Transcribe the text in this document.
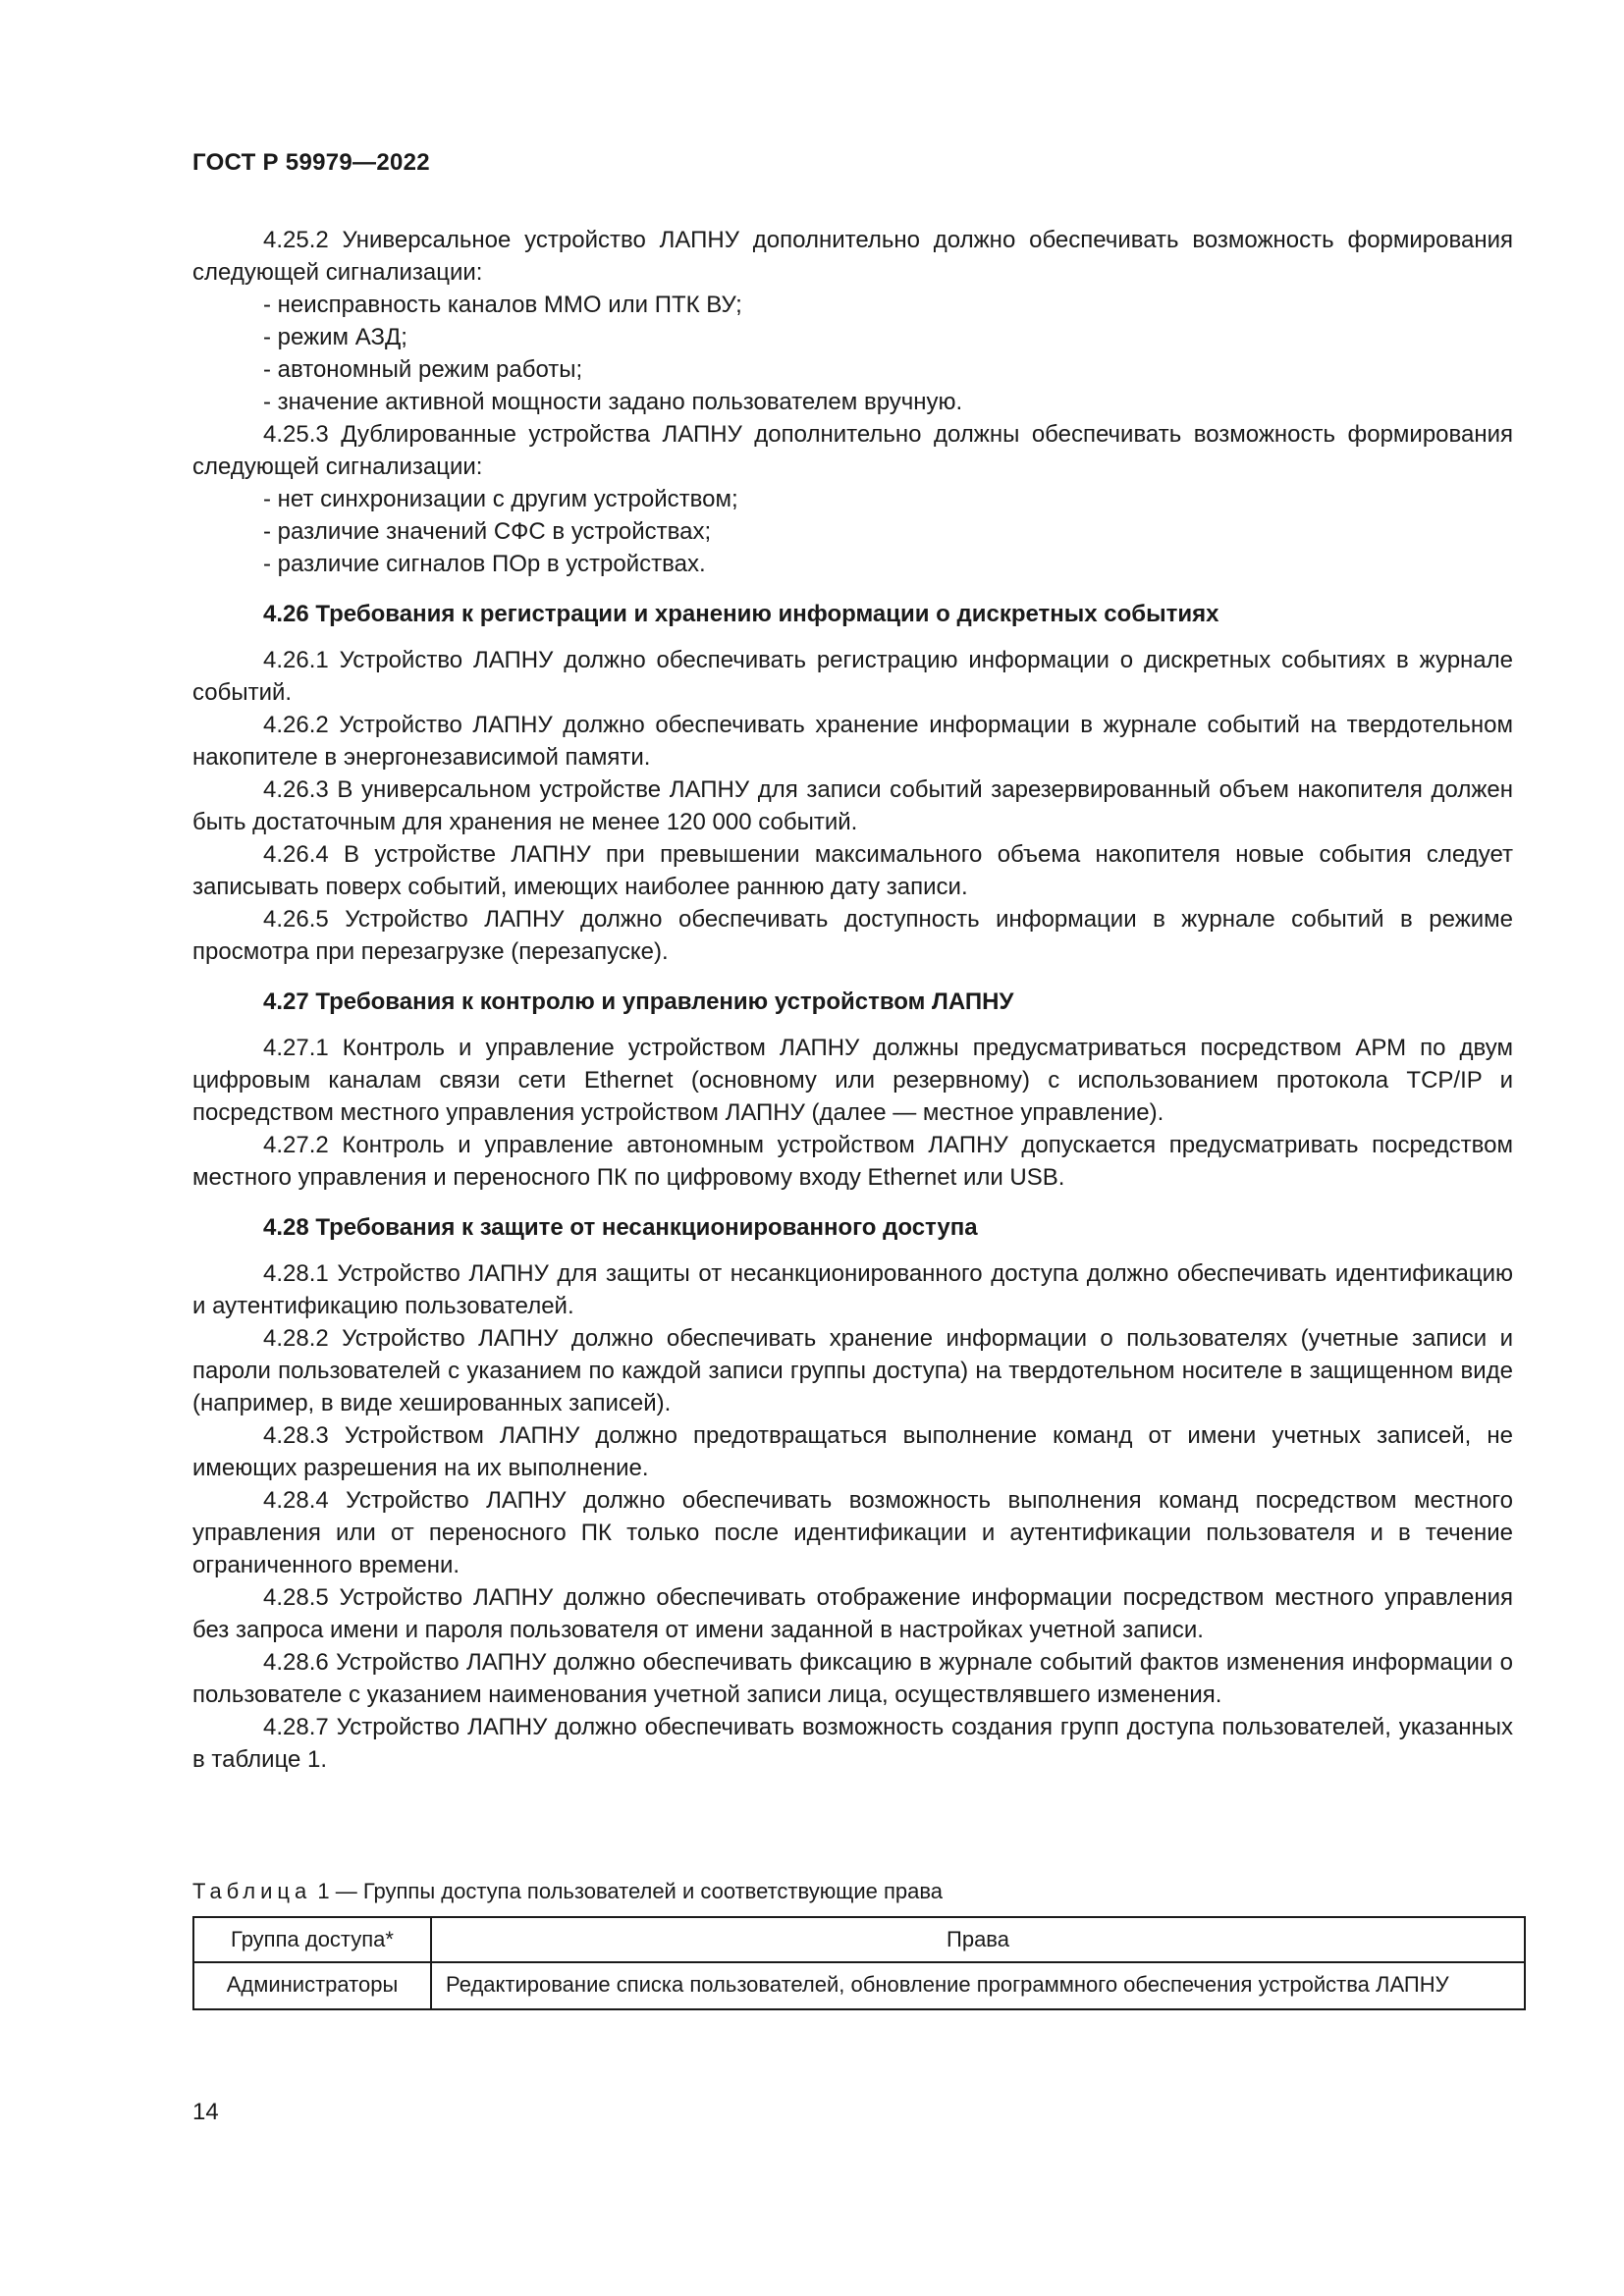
ГОСТ Р 59979—2022

4.25.2 Универсальное устройство ЛАПНУ дополнительно должно обеспечивать возможность формирования следующей сигнализации:

- неисправность каналов ММО или ПТК ВУ;

- режим АЗД;

- автономный режим работы;

- значение активной мощности задано пользователем вручную.

4.25.3 Дублированные устройства ЛАПНУ дополнительно должны обеспечивать возможность формирования следующей сигнализации:

- нет синхронизации с другим устройством;

- различие значений СФС в устройствах;

- различие сигналов ПОр в устройствах.

4.26 Требования к регистрации и хранению информации о дискретных событиях

4.26.1 Устройство ЛАПНУ должно обеспечивать регистрацию информации о дискретных событиях в журнале событий.

4.26.2 Устройство ЛАПНУ должно обеспечивать хранение информации в журнале событий на твердотельном накопителе в энергонезависимой памяти.

4.26.3 В универсальном устройстве ЛАПНУ для записи событий зарезервированный объем накопителя должен быть достаточным для хранения не менее 120 000 событий.

4.26.4 В устройстве ЛАПНУ при превышении максимального объема накопителя новые события следует записывать поверх событий, имеющих наиболее раннюю дату записи.

4.26.5 Устройство ЛАПНУ должно обеспечивать доступность информации в журнале событий в режиме просмотра при перезагрузке (перезапуске).

4.27 Требования к контролю и управлению устройством ЛАПНУ

4.27.1 Контроль и управление устройством ЛАПНУ должны предусматриваться посредством АРМ по двум цифровым каналам связи сети Ethernet (основному или резервному) с использованием протокола TCP/IP и посредством местного управления устройством ЛАПНУ (далее — местное управление).

4.27.2 Контроль и управление автономным устройством ЛАПНУ допускается предусматривать посредством местного управления и переносного ПК по цифровому входу Ethernet или USB.

4.28 Требования к защите от несанкционированного доступа

4.28.1 Устройство ЛАПНУ для защиты от несанкционированного доступа должно обеспечивать идентификацию и аутентификацию пользователей.

4.28.2 Устройство ЛАПНУ должно обеспечивать хранение информации о пользователях (учетные записи и пароли пользователей с указанием по каждой записи группы доступа) на твердотельном носителе в защищенном виде (например, в виде хешированных записей).

4.28.3 Устройством ЛАПНУ должно предотвращаться выполнение команд от имени учетных записей, не имеющих разрешения на их выполнение.

4.28.4 Устройство ЛАПНУ должно обеспечивать возможность выполнения команд посредством местного управления или от переносного ПК только после идентификации и аутентификации пользователя и в течение ограниченного времени.

4.28.5 Устройство ЛАПНУ должно обеспечивать отображение информации посредством местного управления без запроса имени и пароля пользователя от имени заданной в настройках учетной записи.

4.28.6 Устройство ЛАПНУ должно обеспечивать фиксацию в журнале событий фактов изменения информации о пользователе с указанием наименования учетной записи лица, осуществлявшего изменения.

4.28.7 Устройство ЛАПНУ должно обеспечивать возможность создания групп доступа пользователей, указанных в таблице 1.

Таблица 1 — Группы доступа пользователей и соответствующие права
Группа доступа*	Права
Администраторы	Редактирование списка пользователей, обновление программного обеспечения устройства ЛАПНУ
14
